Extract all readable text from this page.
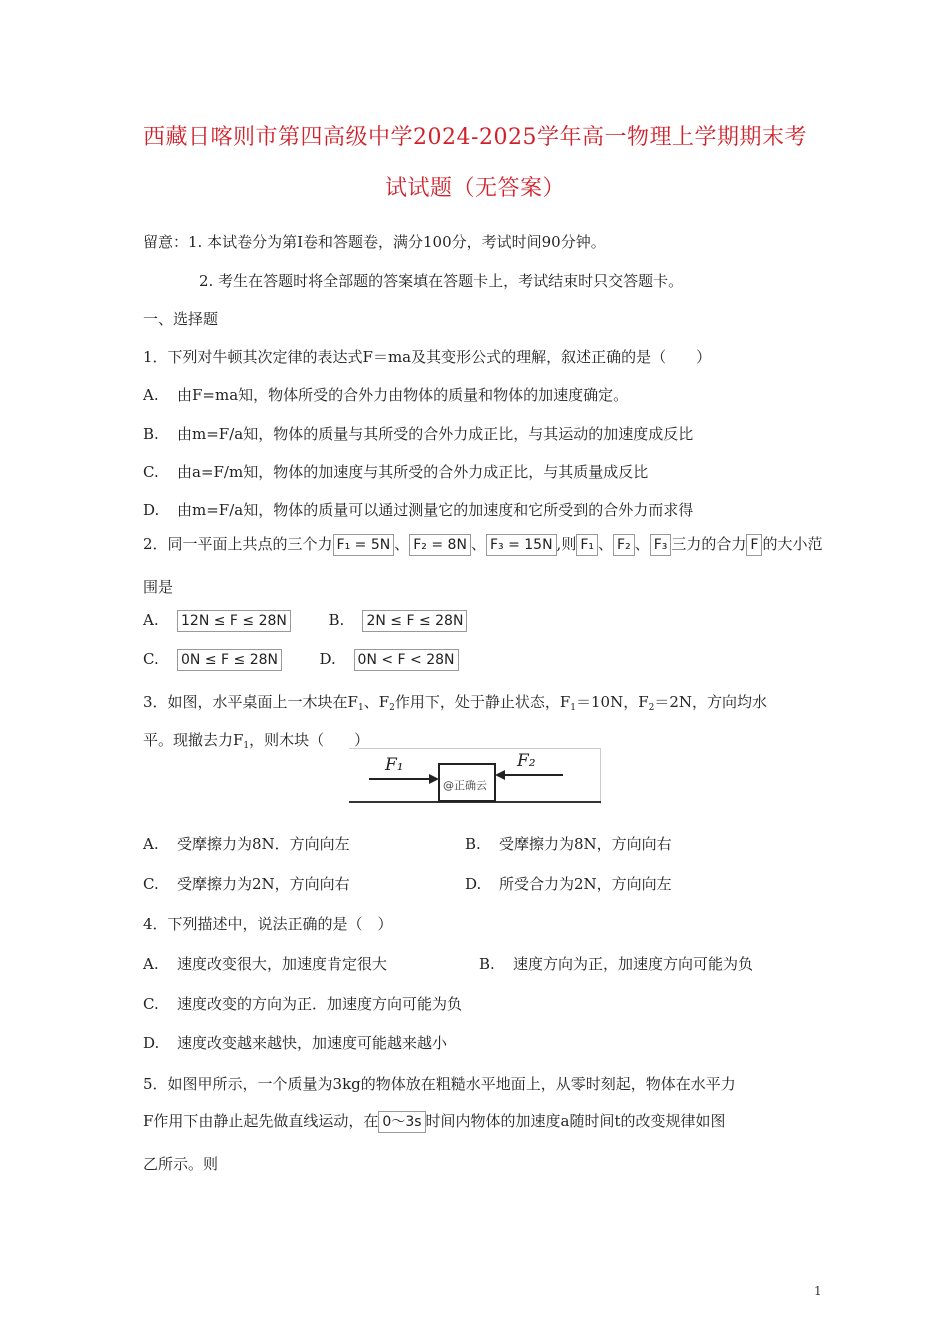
西藏日喀则市第四高级中学2024-2025学年高一物理上学期期末考
试试题（无答案）
留意：1. 本试卷分为第Ⅰ卷和答题卷，满分100分，考试时间90分钟。
2. 考生在答题时将全部题的答案填在答题卡上，考试结束时只交答题卡。
一、选择题
1．下列对牛顿其次定律的表达式F＝ma及其变形公式的理解，叙述正确的是（　　）
A. 由F=ma知，物体所受的合外力由物体的质量和物体的加速度确定。
B. 由m=F/a知，物体的质量与其所受的合外力成正比，与其运动的加速度成反比
C. 由a=F/m知，物体的加速度与其所受的合外力成正比，与其质量成反比
D. 由m=F/a知，物体的质量可以通过测量它的加速度和它所受到的合外力而求得
2．同一平面上共点的三个力 F₁ = 5N 、 F₂ = 8N 、 F₃ = 15N ,则 F₁ 、 F₂ 、 F₃ 三力的合力 F 的大小范
围是
A. 12N ≤ F ≤ 28N	B. 2N ≤ F ≤ 28N
C. 0N ≤ F ≤ 28N	D. 0N < F < 28N
3．如图，水平桌面上一木块在$F_1$、$F_2$作用下，处于静止状态，$F_1=10N$，$F_2=2N$，方向均水
平。现撤去力$F_1$，则木块（　　）
F₁	F₂
@正确云
A. 受摩擦力为8N．方向向左	B. 受摩擦力为8N，方向向右
C. 受摩擦力为2N，方向向右	D. 所受合力为2N，方向向左
4．下列描述中，说法正确的是（　）
A. 速度改变很大，加速度肯定很大	B. 速度方向为正，加速度方向可能为负
C. 速度改变的方向为正．加速度方向可能为负
D. 速度改变越来越快，加速度可能越来越小
5．如图甲所示，一个质量为3kg的物体放在粗糙水平地面上，从零时刻起，物体在水平力
F作用下由静止起先做直线运动，在 0～3s 时间内物体的加速度a随时间t的改变规律如图
乙所示。则
1
